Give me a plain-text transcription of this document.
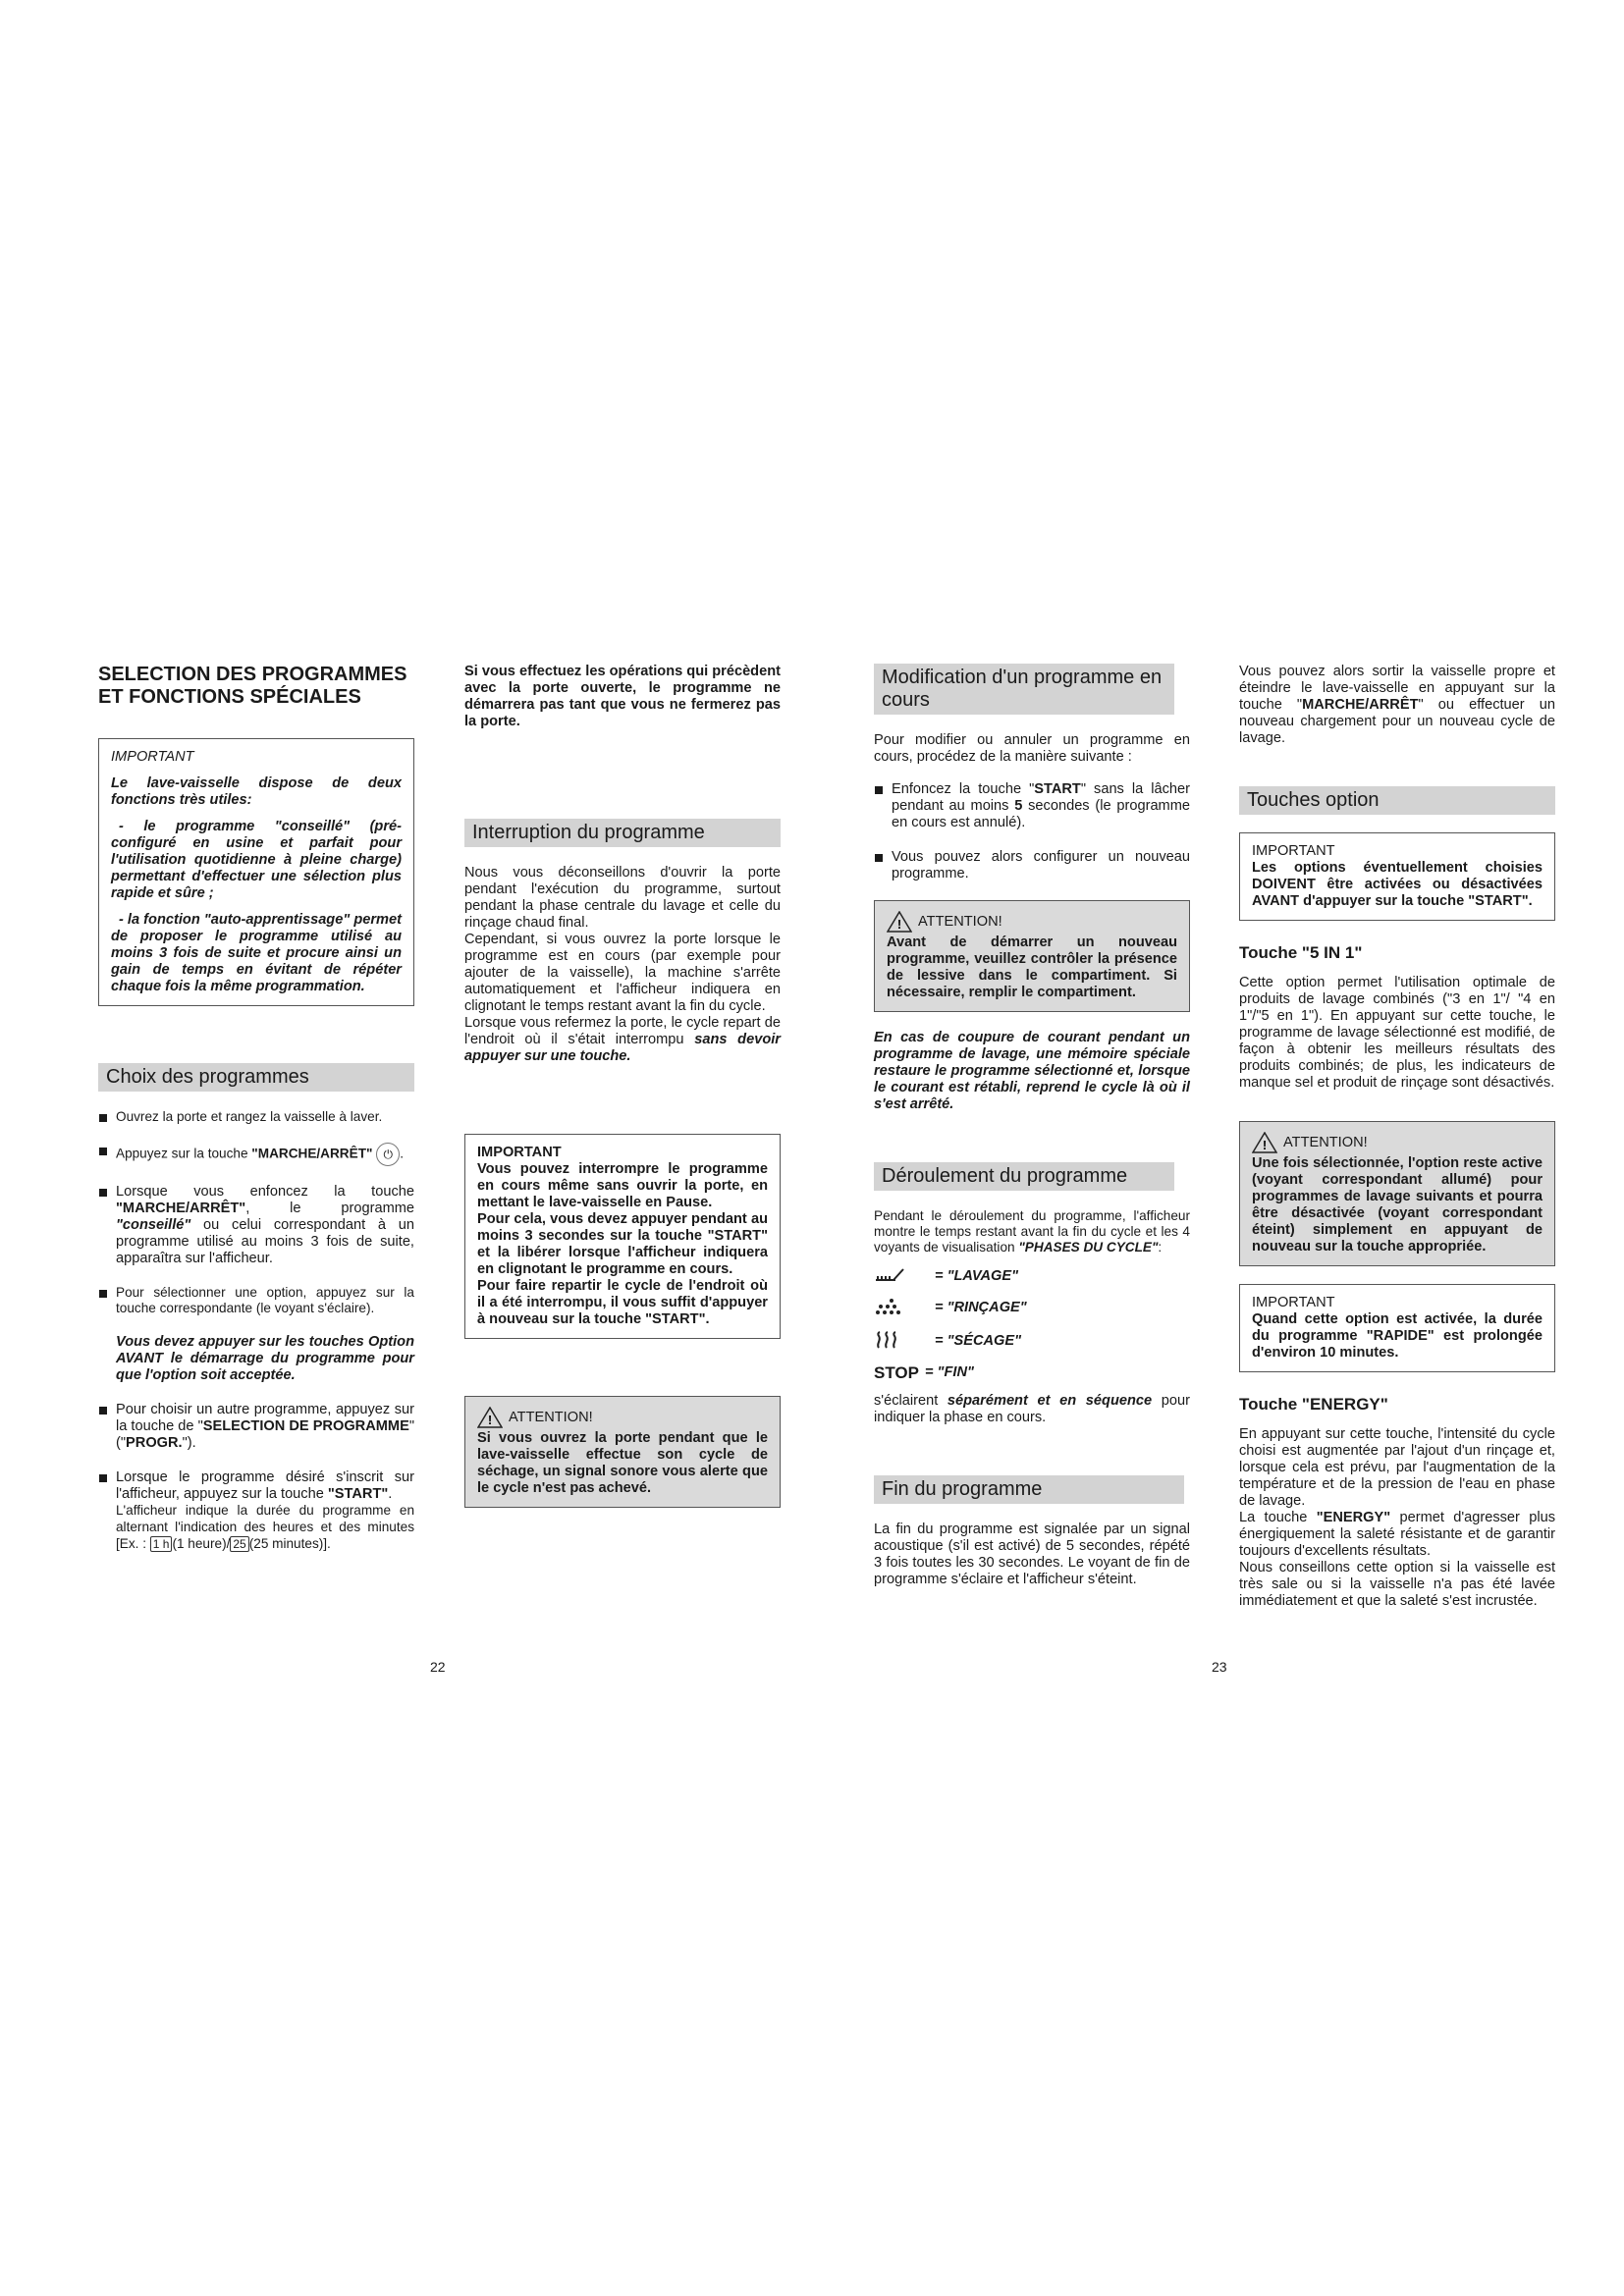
SELECTION DES PROGRAMMES ET FONCTIONS SPÉCIALES

IMPORTANT

Le lave-vaisselle dispose de deux fonctions très utiles:

- le programme "conseillé" (pré-configuré en usine et parfait pour l'utilisation quotidienne à pleine charge) permettant d'effectuer une sélection plus rapide et sûre ;

- la fonction "auto-apprentissage" permet de proposer le programme utilisé au moins 3 fois de suite et procure ainsi un gain de temps en évitant de répéter chaque fois la même programmation.

Choix des programmes
Ouvrez la porte et rangez la vaisselle à laver.
Appuyez sur la touche "MARCHE/ARRÊT" ⏻ .
Lorsque vous enfoncez la touche "MARCHE/ARRÊT", le programme "conseillé" ou celui correspondant à un programme utilisé au moins 3 fois de suite, apparaîtra sur l'afficheur.
Pour sélectionner une option, appuyez sur la touche correspondante (le voyant s'éclaire).

Vous devez appuyer sur les touches Option AVANT le démarrage du programme pour que l'option soit acceptée.

Pour choisir un autre programme, appuyez sur la touche de "SELECTION DE PROGRAMME" ("PROGR.").
Lorsque le programme désiré s'inscrit sur l'afficheur, appuyez sur la touche "START".
L'afficheur indique la durée du programme en alternant l'indication des heures et des minutes [Ex. : 1 h (1 heure)/ 25 (25 minutes)].

Si vous effectuez les opérations qui précèdent avec la porte ouverte, le programme ne démarrera pas tant que vous ne fermerez pas la porte.

Interruption du programme

Nous vous déconseillons d'ouvrir la porte pendant l'exécution du programme, surtout pendant la phase centrale du lavage et celle du rinçage chaud final.

Cependant, si vous ouvrez la porte lorsque le programme est en cours (par exemple pour ajouter de la vaisselle), la machine s'arrête automatiquement et l'afficheur indiquera en clignotant le temps restant avant la fin du cycle.

Lorsque vous refermez la porte, le cycle repart de l'endroit où il s'était interrompu sans devoir appuyer sur une touche.

IMPORTANT

Vous pouvez interrompre le programme en cours même sans ouvrir la porte, en mettant le lave-vaisselle en Pause.

Pour cela, vous devez appuyer pendant au moins 3 secondes sur la touche "START" et la libérer lorsque l'afficheur indiquera en clignotant le programme en cours.

Pour faire repartir le cycle de l'endroit où il a été interrompu, il vous suffit d'appuyer à nouveau sur la touche "START".

! ATTENTION!

Si vous ouvrez la porte pendant que le lave-vaisselle effectue son cycle de séchage, un signal sonore vous alerte que le cycle n'est pas achevé.

Modification d'un programme en cours

Pour modifier ou annuler un programme en cours, procédez de la manière suivante :

Enfoncez la touche "START" sans la lâcher pendant au moins 5 secondes (le programme en cours est annulé).
Vous pouvez alors configurer un nouveau programme.
! ATTENTION!

Avant de démarrer un nouveau programme, veuillez contrôler la présence de lessive dans le compartiment. Si nécessaire, remplir le compartiment.

En cas de coupure de courant pendant un programme de lavage, une mémoire spéciale restaure le programme sélectionné et, lorsque le courant est rétabli, reprend le cycle là où il s'est arrêté.

Déroulement du programme

Pendant le déroulement du programme, l'afficheur montre le temps restant avant la fin du cycle et les 4 voyants de visualisation "PHASES DU CYCLE":

= "LAVAGE"
= "RINÇAGE"
= "SÉCAGE"
STOP = "FIN"

s'éclairent séparément et en séquence pour indiquer la phase en cours.

Fin du programme

La fin du programme est signalée par un signal acoustique (s'il est activé) de 5 secondes, répété 3 fois toutes les 30 secondes. Le voyant de fin de programme s'éclaire et l'afficheur s'éteint.

Vous pouvez alors sortir la vaisselle propre et éteindre le lave-vaisselle en appuyant sur la touche "MARCHE/ARRÊT" ou effectuer un nouveau chargement pour un nouveau cycle de lavage.

Touches option

IMPORTANT

Les options éventuellement choisies DOIVENT être activées ou désactivées AVANT d'appuyer sur la touche "START".

Touche "5 IN 1"

Cette option permet l'utilisation optimale de produits de lavage combinés ("3 en 1"/ "4 en 1"/"5 en 1"). En appuyant sur cette touche, le programme de lavage sélectionné est modifié, de façon à obtenir les meilleurs résultats des produits combinés; de plus, les indicateurs de manque sel et produit de rinçage sont désactivés.

! ATTENTION!

Une fois sélectionnée, l'option reste active (voyant correspondant allumé) pour programmes de lavage suivants et pourra être désactivée (voyant correspondant éteint) simplement en appuyant de nouveau sur la touche appropriée.

IMPORTANT

Quand cette option est activée, la durée du programme "RAPIDE" est prolongée d'environ 10 minutes.

Touche "ENERGY"

En appuyant sur cette touche, l'intensité du cycle choisi est augmentée par l'ajout d'un rinçage et, lorsque cela est prévu, par l'augmentation de la température et de la pression de l'eau en phase de lavage.

La touche "ENERGY" permet d'agresser plus énergiquement la saleté résistante et de garantir toujours d'excellents résultats.

Nous conseillons cette option si la vaisselle est très sale ou si la vaisselle n'a pas été lavée immédiatement et que la saleté s'est incrustée.

22	23
